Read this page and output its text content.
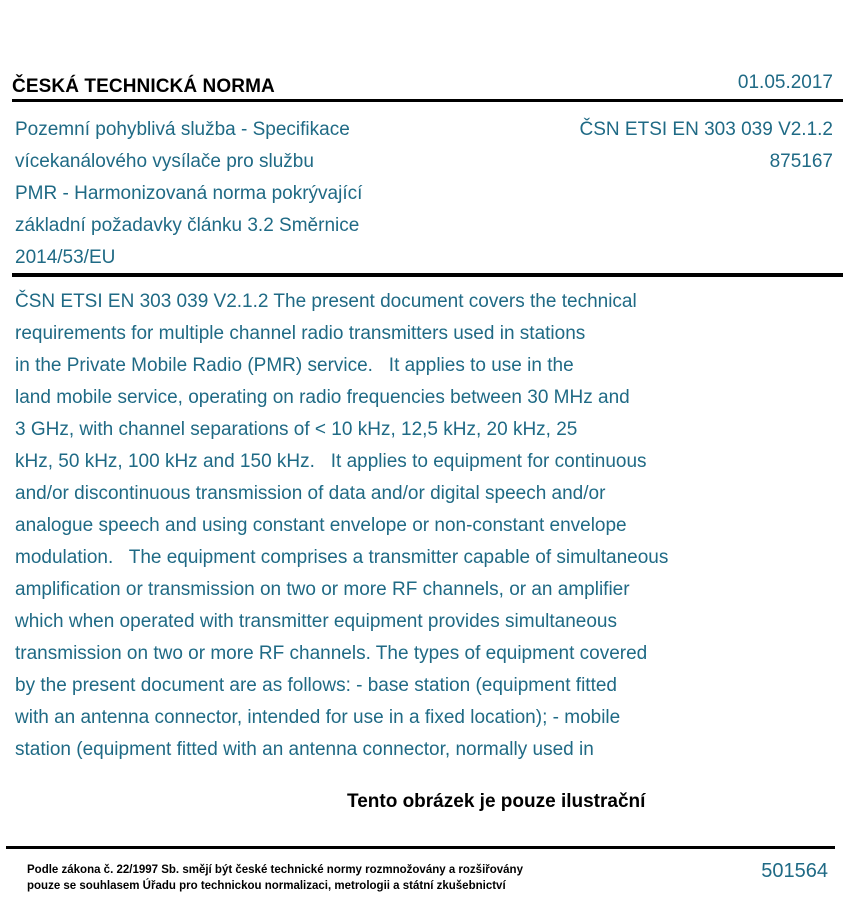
ČESKÁ TECHNICKÁ NORMA	01.05.2017
Pozemní pohyblivá služba - Specifikace
vícekanálového vysílače pro službu
PMR - Harmonizovaná norma pokrývající
základní požadavky článku 3.2 Směrnice
2014/53/EU
ČSN ETSI EN 303 039 V2.1.2
875167
ČSN ETSI EN 303 039 V2.1.2 The present document covers the technical
requirements for multiple channel radio transmitters used in stations
in the Private Mobile Radio (PMR) service.   It applies to use in the
land mobile service, operating on radio frequencies between 30 MHz and
3 GHz, with channel separations of < 10 kHz, 12,5 kHz, 20 kHz, 25
kHz, 50 kHz, 100 kHz and 150 kHz.   It applies to equipment for continuous
and/or discontinuous transmission of data and/or digital speech and/or
analogue speech and using constant envelope or non-constant envelope
modulation.   The equipment comprises a transmitter capable of simultaneous
amplification or transmission on two or more RF channels, or an amplifier
which when operated with transmitter equipment provides simultaneous
transmission on two or more RF channels. The types of equipment covered
by the present document are as follows: - base station (equipment fitted
with an antenna connector, intended for use in a fixed location); - mobile
station (equipment fitted with an antenna connector, normally used in
Tento obrázek je pouze ilustrační
Podle zákona č. 22/1997 Sb. smějí být české technické normy rozmnožovány a rozšiřovány
pouze se souhlasem Úřadu pro technickou normalizaci, metrologii a státní zkušebnictví
501564
